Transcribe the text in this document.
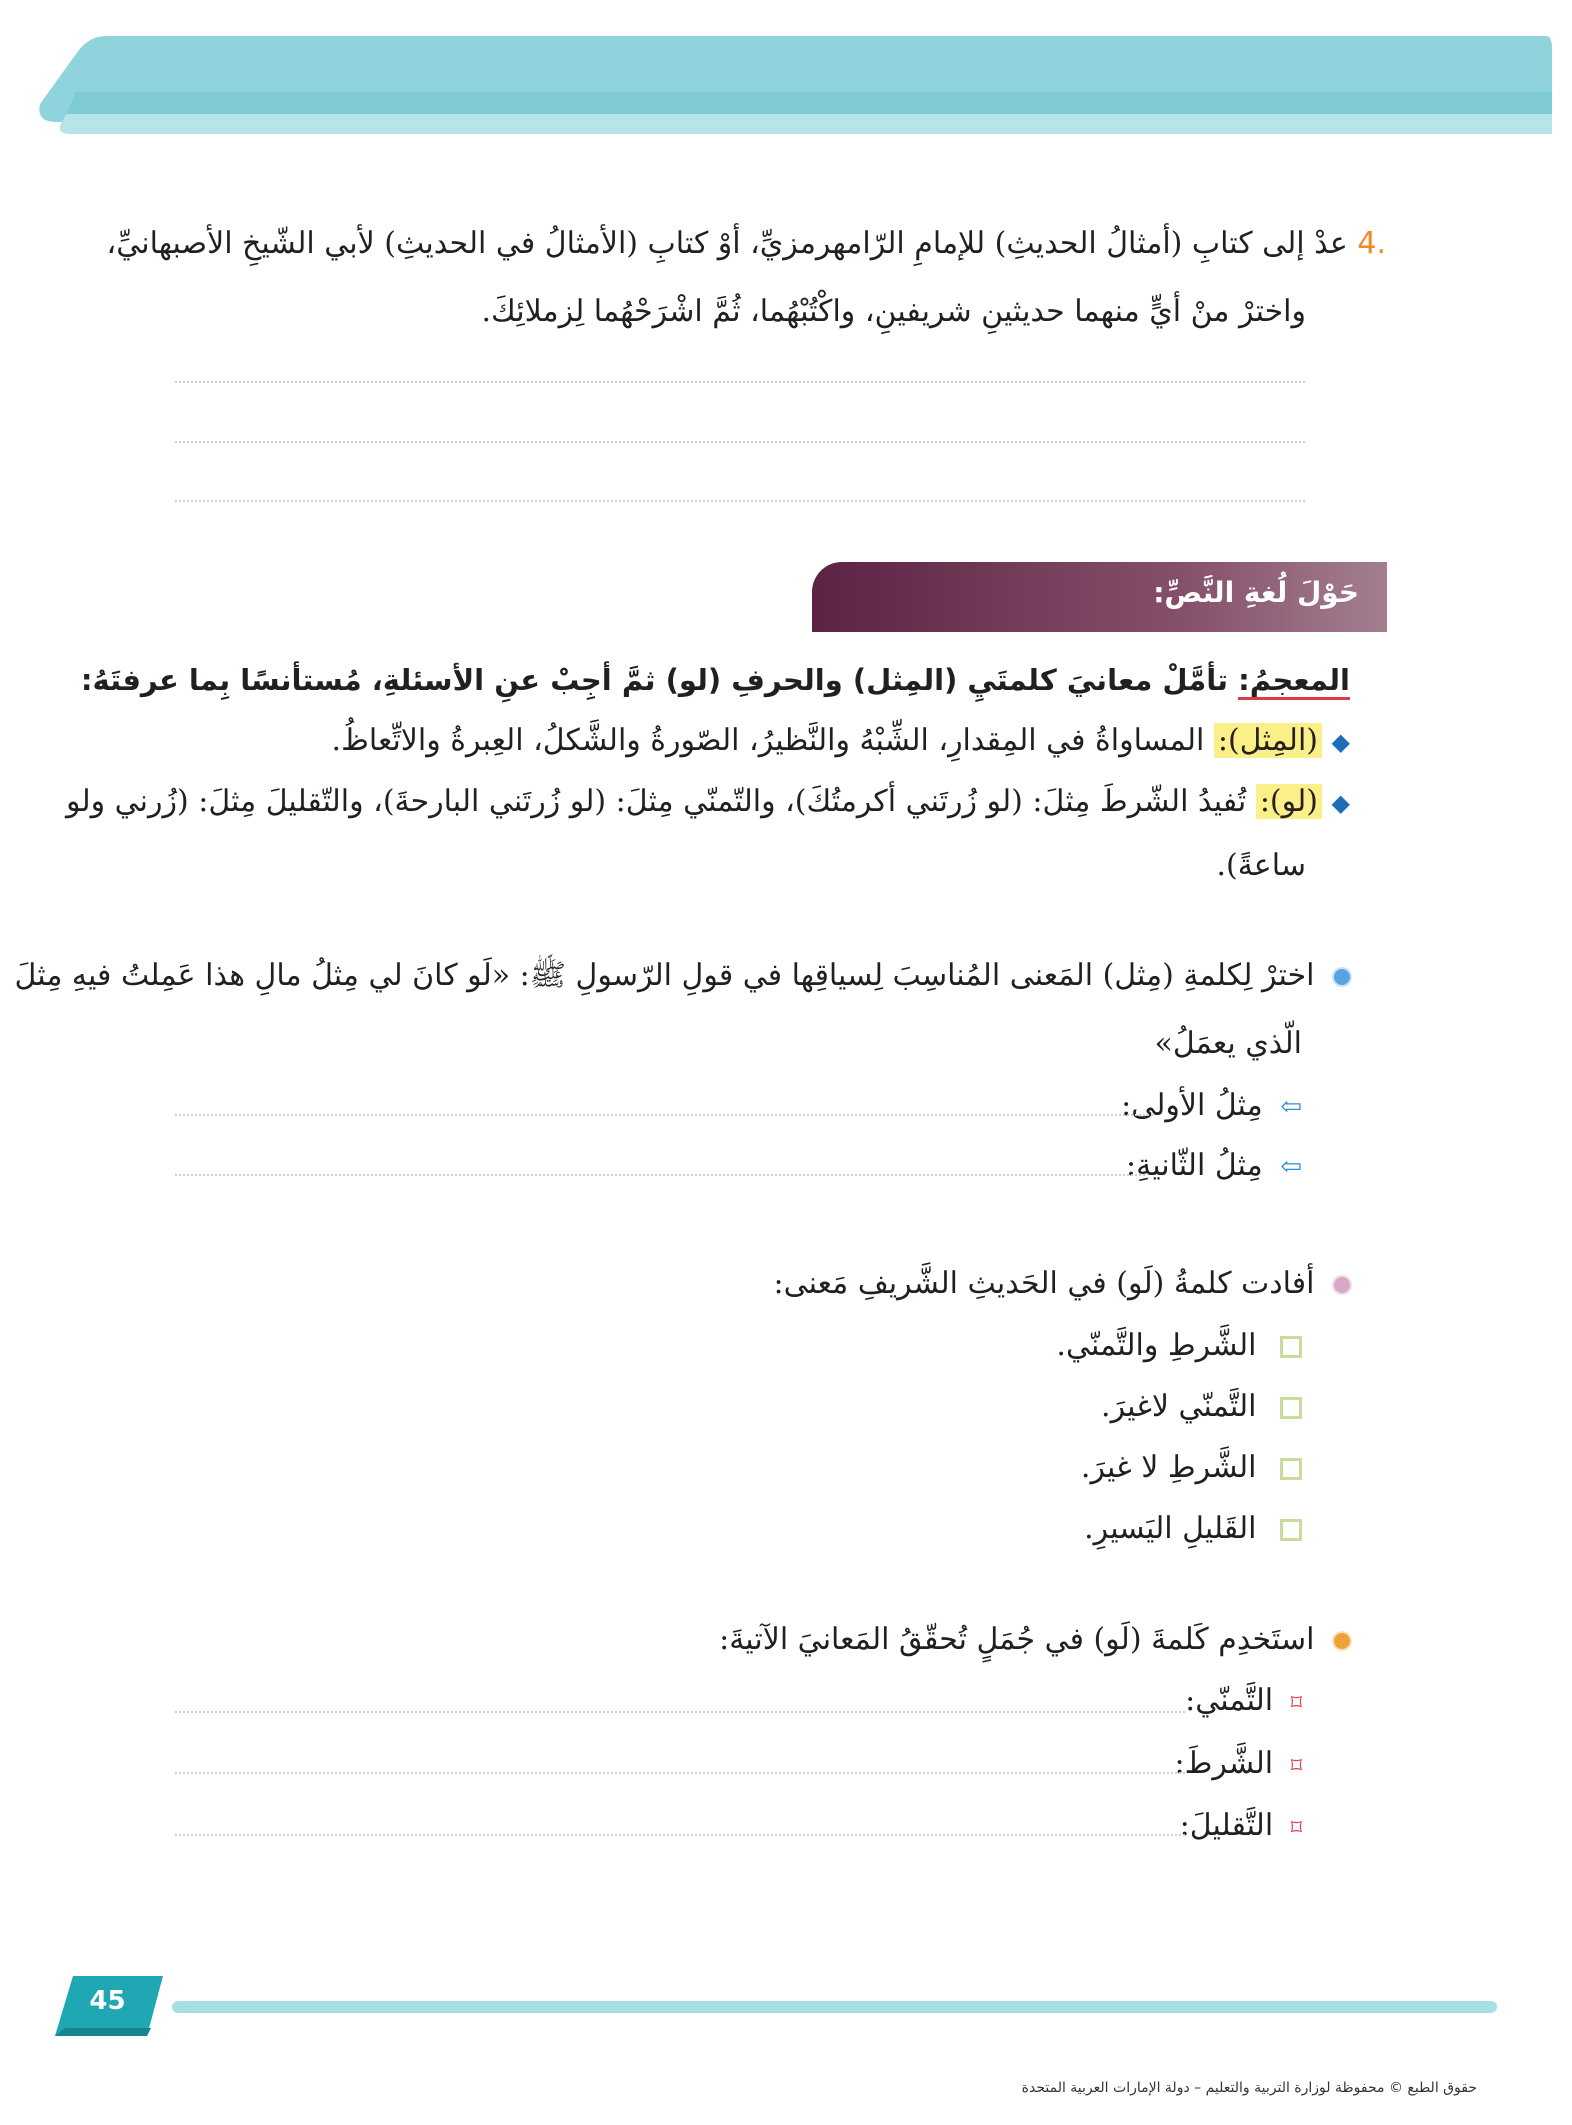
.4 عدْ إلى كتابِ (أمثالُ الحديثِ) للإمامِ الرّامهرمزيِّ، أوْ كتابِ (الأمثالُ في الحديثِ) لأبي الشّيخِ الأصبهانيِّ،
واخترْ منْ أيٍّ منهما حديثينِ شريفينِ، واكْتُبْهُما، ثُمَّ اشْرَحْهُما لِزملائِكَ.
حَوْلَ لُغةِ النَّصِّ:
المعجمُ: تأمَّلْ معانيَ كلمتَيِ (المِثل) والحرفِ (لو) ثمَّ أجِبْ عنِ الأسئلةِ، مُستأنسًا بِما عرفتَهُ:
◆ (المِثل): المساواةُ في المِقدارِ، الشِّبْهُ والنَّظيرُ، الصّورةُ والشَّكلُ، العِبرةُ والاتِّعاظُ.
◆ (لو): تُفيدُ الشّرطَ مِثلَ: (لو زُرتَني أكرمتُكَ)، والتّمنّي مِثلَ: (لو زُرتَني البارحةَ)، والتّقليلَ مِثلَ: (زُرني ولو
ساعةً).
اخترْ لِكلمةِ (مِثل) المَعنى المُناسِبَ لِسياقِها في قولِ الرّسولِ ﷺ: «لَو كانَ لي مِثلُ مالِ هذا عَمِلتُ فيهِ مِثلَ
الّذي يعمَلُ»
⇦ مِثلُ الأولى:
⇦ مِثلُ الثّانيةِ:
أفادت كلمةُ (لَو) في الحَديثِ الشَّريفِ مَعنى:
الشَّرطِ والتَّمنّي.
التَّمنّي لاغيرَ.
الشَّرطِ لا غيرَ.
القَليلِ اليَسيرِ.
استَخدِم كَلمةَ (لَو) في جُمَلٍ تُحقّقُ المَعانيَ الآتيةَ:
⌑ التَّمنّي:
⌑ الشَّرطَ:
⌑ التَّقليلَ:
45
حقوق الطبع © محفوظة لوزارة التربية والتعليم – دولة الإمارات العربية المتحدة
